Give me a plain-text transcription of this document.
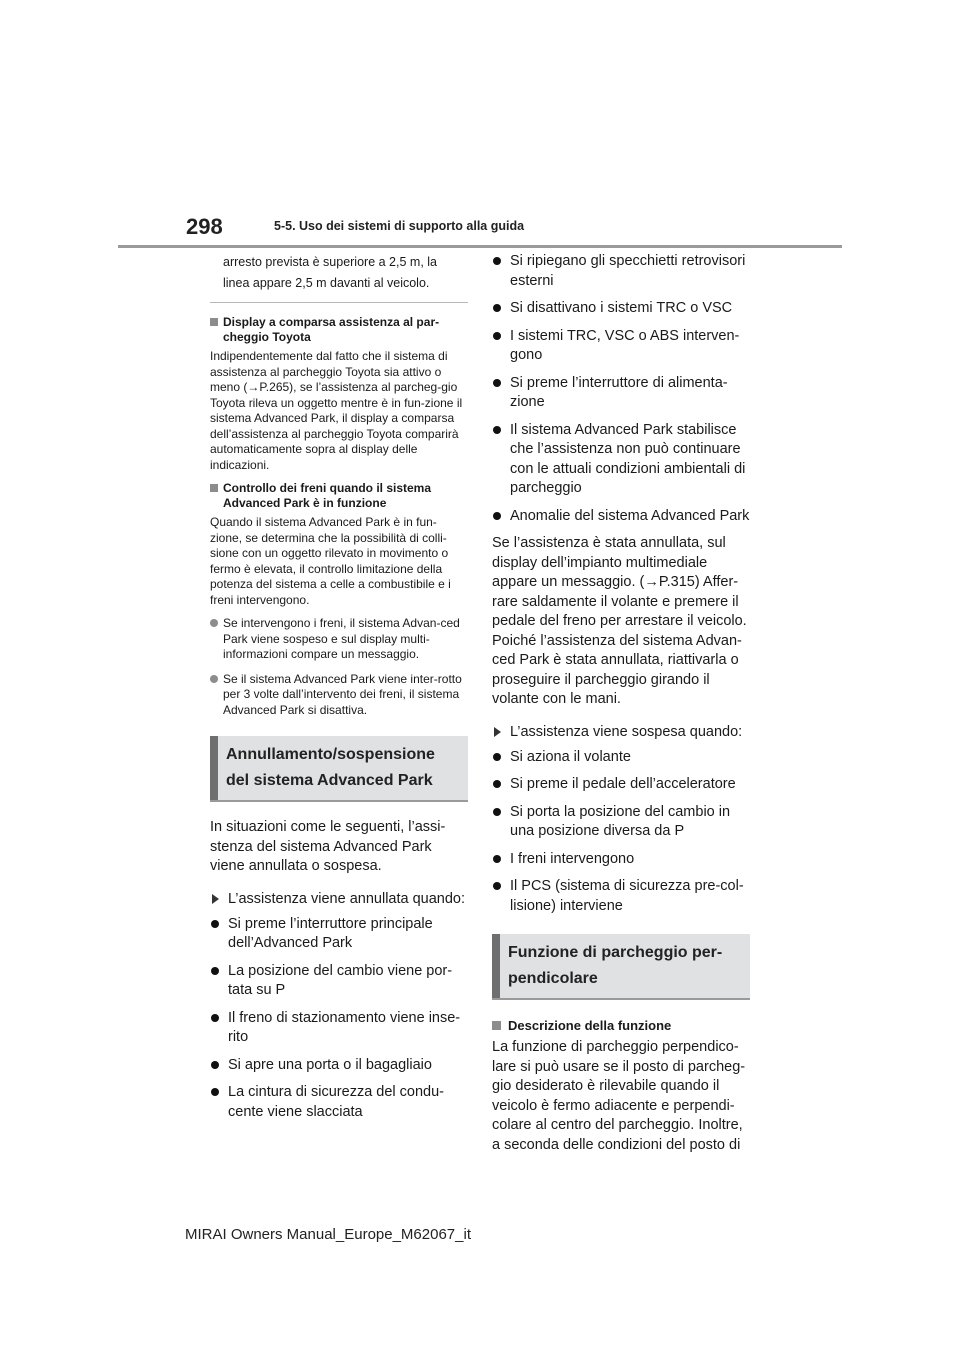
298	5-5. Uso dei sistemi di supporto alla guida

arresto prevista è superiore a 2,5 m, la
linea appare 2,5 m davanti al veicolo.

Display a comparsa assistenza al par-cheggio Toyota

Indipendentemente dal fatto che il sistema di assistenza al parcheggio Toyota sia attivo o meno (→P.265), se l’assistenza al parcheg-gio Toyota rileva un oggetto mentre è in fun-zione il sistema Advanced Park, il display a comparsa dell’assistenza al parcheggio Toyota comparirà automaticamente sopra al display delle indicazioni.

Controllo dei freni quando il sistema Advanced Park è in funzione

Quando il sistema Advanced Park è in fun-zione, se determina che la possibilità di colli-sione con un oggetto rilevato in movimento o fermo è elevata, il controllo limitazione della potenza del sistema a celle a combustibile e i freni intervengono.

Se intervengono i freni, il sistema Advan-ced Park viene sospeso e sul display multi-informazioni compare un messaggio.

Se il sistema Advanced Park viene inter-rotto per 3 volte dall’intervento dei freni, il sistema Advanced Park si disattiva.

Annullamento/sospensione del sistema Advanced Park

In situazioni come le seguenti, l’assi-stenza del sistema Advanced Park viene annullata o sospesa.

L’assistenza viene annullata quando:

Si preme l’interruttore principale dell’Advanced Park

La posizione del cambio viene por-tata su P

Il freno di stazionamento viene inse-rito

Si apre una porta o il bagagliaio

La cintura di sicurezza del condu-cente viene slacciata

Si ripiegano gli specchietti retrovisori esterni

Si disattivano i sistemi TRC o VSC

I sistemi TRC, VSC o ABS interven-gono

Si preme l’interruttore di alimenta-zione

Il sistema Advanced Park stabilisce che l’assistenza non può continuare con le attuali condizioni ambientali di parcheggio

Anomalie del sistema Advanced Park

Se l’assistenza è stata annullata, sul display dell’impianto multimediale appare un messaggio. (→P.315) Affer-rare saldamente il volante e premere il pedale del freno per arrestare il veicolo. Poiché l’assistenza del sistema Advan-ced Park è stata annullata, riattivarla o proseguire il parcheggio girando il volante con le mani.

L’assistenza viene sospesa quando:

Si aziona il volante

Si preme il pedale dell’acceleratore

Si porta la posizione del cambio in una posizione diversa da P

I freni intervengono

Il PCS (sistema di sicurezza pre-col-lisione) interviene

Funzione di parcheggio per-pendicolare

Descrizione della funzione

La funzione di parcheggio perpendico-lare si può usare se il posto di parcheg-gio desiderato è rilevabile quando il veicolo è fermo adiacente e perpendi-colare al centro del parcheggio. Inoltre, a seconda delle condizioni del posto di

MIRAI Owners Manual_Europe_M62067_it
